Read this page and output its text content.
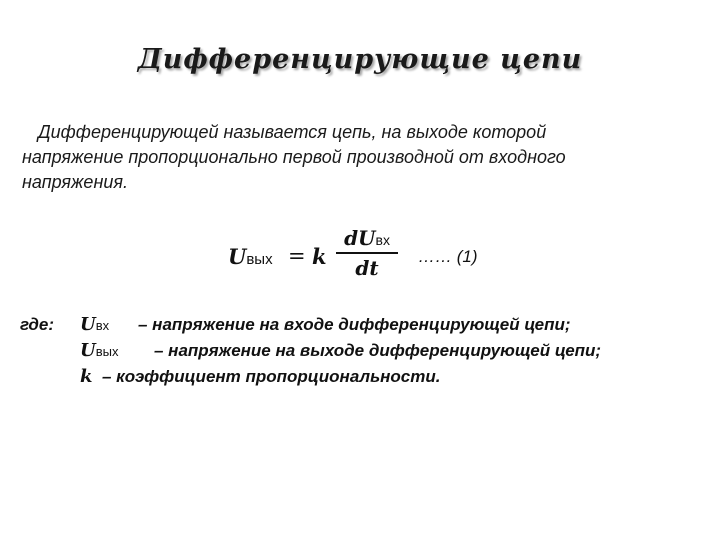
Дифференцирующие цепи
Дифференцирующей называется цепь, на выходе которой
напряжение пропорционально первой производной от входного
напряжения.
Uвых = k
dUвх
dt	…… (1)
где: Uвх – напряжение на входе дифференцирующей цепи;
Uвых – напряжение на выходе дифференцирующей цепи;
k – коэффициент пропорциональности.
